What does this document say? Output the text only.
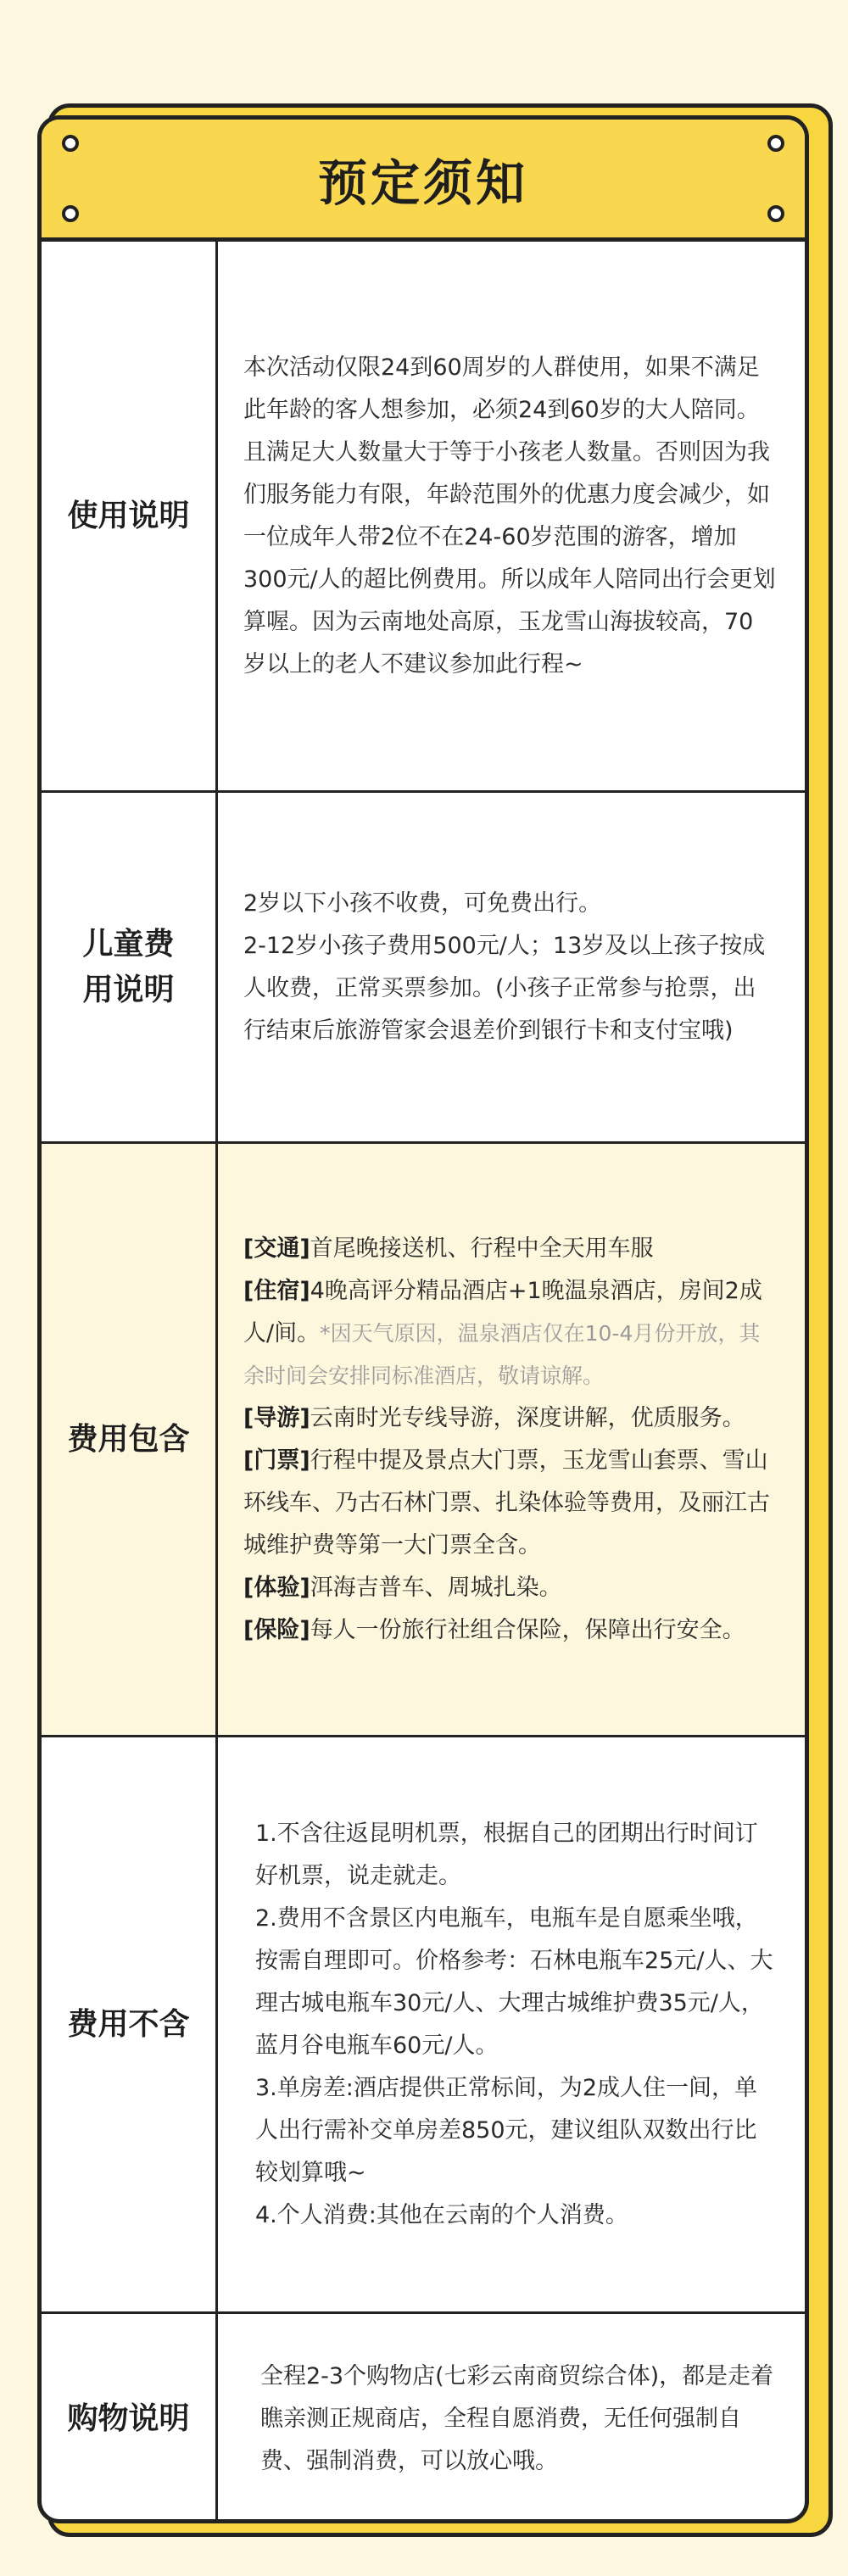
预定须知
使用说明

本次活动仅限24到60周岁的人群使用，如果不满足此年龄的客人想参加，必须24到60岁的大人陪同。且满足大人数量大于等于小孩老人数量。否则因为我们服务能力有限，年龄范围外的优惠力度会减少，如一位成年人带2位不在24-60岁范围的游客，增加300元/人的超比例费用。所以成年人陪同出行会更划算喔。因为云南地处高原，玉龙雪山海拔较高，70岁以上的老人不建议参加此行程~

儿童费用说明

2岁以下小孩不收费，可免费出行。

2-12岁小孩子费用500元/人；13岁及以上孩子按成人收费，正常买票参加。(小孩子正常参与抢票，出行结束后旅游管家会退差价到银行卡和支付宝哦)

费用包含

[交通]首尾晚接送机、行程中全天用车服

[住宿]4晚高评分精品酒店+1晚温泉酒店，房间2成人/间。*因天气原因，温泉酒店仅在10-4月份开放，其余时间会安排同标准酒店，敬请谅解。

[导游]云南时光专线导游，深度讲解，优质服务。

[门票]行程中提及景点大门票，玉龙雪山套票、雪山环线车、乃古石林门票、扎染体验等费用，及丽江古城维护费等第一大门票全含。

[体验]洱海吉普车、周城扎染。

[保险]每人一份旅行社组合保险，保障出行安全。

费用不含

1.不含往返昆明机票，根据自己的团期出行时间订好机票，说走就走。

2.费用不含景区内电瓶车，电瓶车是自愿乘坐哦，按需自理即可。价格参考：石林电瓶车25元/人、大理古城电瓶车30元/人、大理古城维护费35元/人，蓝月谷电瓶车60元/人。

3.单房差:酒店提供正常标间，为2成人住一间，单人出行需补交单房差850元，建议组队双数出行比较划算哦~

4.个人消费:其他在云南的个人消费。

购物说明

全程2-3个购物店(七彩云南商贸综合体)，都是走着瞧亲测正规商店，全程自愿消费，无任何强制自费、强制消费，可以放心哦。
